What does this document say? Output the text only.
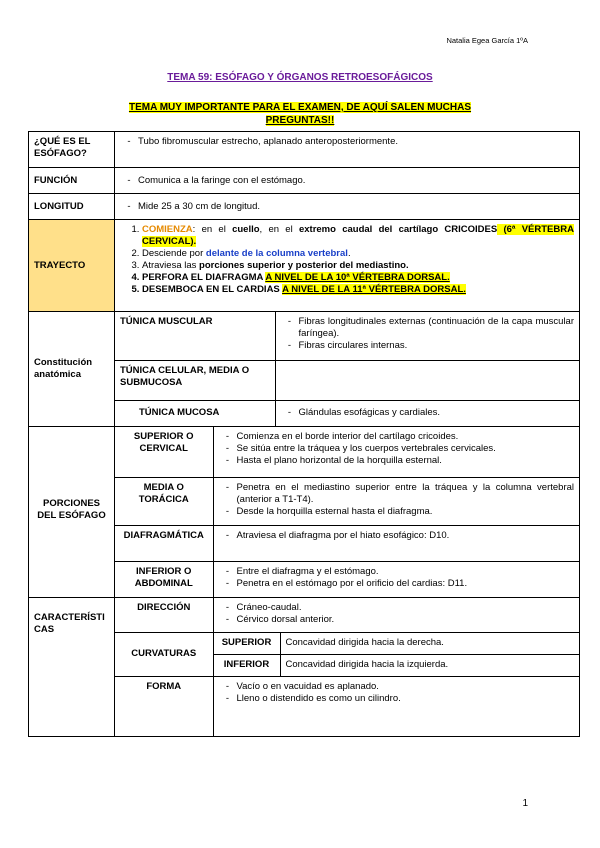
Natalia Egea García 1ºA
TEMA 59: ESÓFAGO Y ÓRGANOS RETROESOFÁGICOS
TEMA MUY IMPORTANTE PARA EL EXAMEN, DE AQUÍ SALEN MUCHAS PREGUNTAS!!
¿QUÉ ES EL ESÓFAGO?	
- Tubo fibromuscular estrecho, aplanado anteroposteriormente.

FUNCIÓN	- Comunica a la faringe con el estómago.

LONGITUD	- Mide 25 a 30 cm de longitud.

TRAYECTO	
1. COMIENZA: en el cuello, en el extremo caudal del cartílago CRICOIDES (6ª VÉRTEBRA CERVICAL).
2. Desciende por delante de la columna vertebral.
3. Atraviesa las porciones superior y posterior del mediastino.
4. PERFORA EL DIAFRAGMA A NIVEL DE LA 10ª VÉRTEBRA DORSAL.
5. DESEMBOCA EN EL CARDIAS A NIVEL DE LA 11ª VÉRTEBRA DORSAL.

Constitución anatómica	
TÚNICA MUSCULAR	- Fibras longitudinales externas (continuación de la capa muscular faríngea).
- Fibras circulares internas.

TÚNICA CELULAR, MEDIA O SUBMUCOSA	
TÚNICA MUCOSA	- Glándulas esofágicas y cardiales.

PORCIONES DEL ESÓFAGO	
SUPERIOR O CERVICAL	
- Comienza en el borde interior del cartílago cricoides.
- Se sitúa entre la tráquea y los cuerpos vertebrales cervicales.
- Hasta el plano horizontal de la horquilla esternal.

MEDIA O TORÁCICA	
- Penetra en el mediastino superior entre la tráquea y la columna vertebral (anterior a T1-T4).
- Desde la horquilla esternal hasta el diafragma.

DIAFRAGMÁTICA	- Atraviesa el diafragma por el hiato esofágico: D10.

INFERIOR O ABDOMINAL	
- Entre el diafragma y el estómago.
- Penetra en el estómago por el orificio del cardias: D11.

CARACTERÍSTICAS	
DIRECCIÓN	- Cráneo-caudal.
- Cérvico dorsal anterior.

CURVATURAS	SUPERIOR	Concavidad dirigida hacia la derecha.
INFERIOR	Concavidad dirigida hacia la izquierda.
FORMA	- Vacío o en vacuidad es aplanado.
- Lleno o distendido es como un cilindro.
1
